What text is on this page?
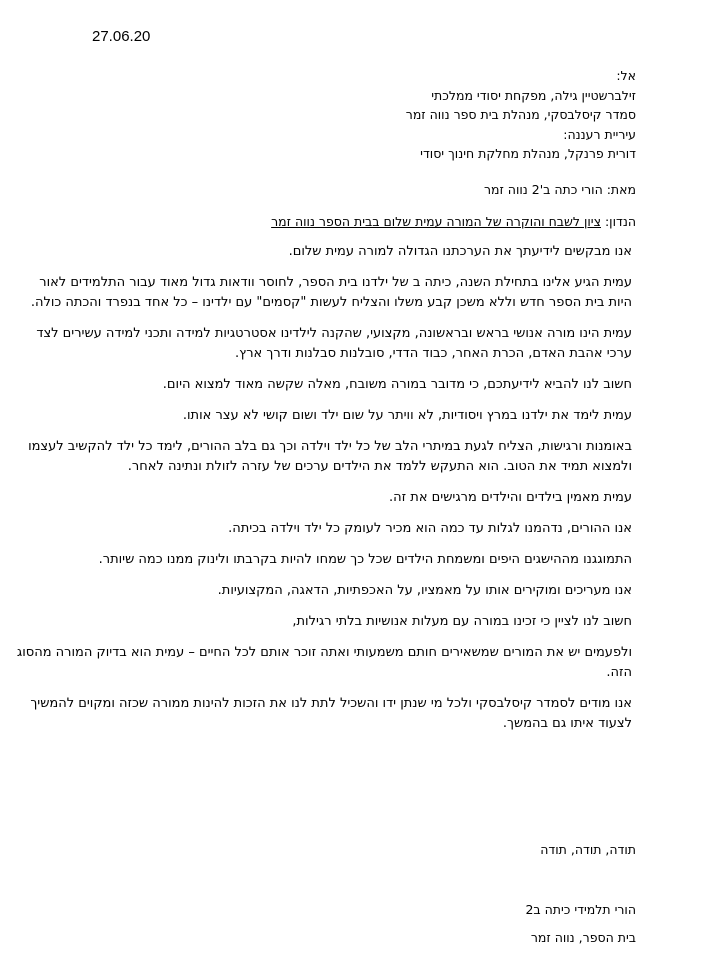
27.06.20
אל:
זילברשטיין גילה, מפקחת יסודי ממלכתי
סמדר קיסלבסקי, מנהלת בית ספר נווה זמר
עיריית רעננה:
דורית פרנקל, מנהלת מחלקת חינוך יסודי
מאת: הורי כתה ב'2 נווה זמר
הנדון: ציון לשבח והוקרה של המורה עמית שלום בבית הספר נווה זמר

אנו מבקשים לידיעתך את הערכתנו הגדולה למורה עמית שלום.

עמית הגיע אלינו בתחילת השנה, כיתה ב של ילדנו בית הספר, לחוסר וודאות גדול מאוד עבור התלמידים לאור היות בית הספר חדש וללא משכן קבע משלו והצליח לעשות "קסמים" עם ילדינו – כל אחד בנפרד והכתה כולה.

עמית הינו מורה אנושי בראש ובראשונה, מקצועי, שהקנה לילדינו אסטרטגיות למידה ותכני למידה עשירים לצד ערכי אהבת האדם, הכרת האחר, כבוד הדדי, סובלנות סבלנות ודרך ארץ.

חשוב לנו להביא לידיעתכם, כי מדובר במורה משובח, מאלה שקשה מאוד למצוא היום.

עמית לימד את ילדנו במרץ ויסודיות, לא וויתר על שום ילד ושום קושי לא עצר אותו.

באומנות ורגישות, הצליח לגעת במיתרי הלב של כל ילד וילדה וכך גם בלב ההורים, לימד כל ילד להקשיב לעצמו ולמצוא תמיד את הטוב. הוא התעקש ללמד את הילדים ערכים של עזרה לזולת ונתינה לאחר.

עמית מאמין בילדים והילדים מרגישים את זה.

אנו ההורים, נדהמנו לגלות עד כמה הוא מכיר לעומק כל ילד וילדה בכיתה.

התמוגגנו מההישגים היפים ומשמחת הילדים שכל כך שמחו להיות בקרבתו ולינוק ממנו כמה שיותר.

אנו מעריכים ומוקירים אותו על מאמציו, על האכפתיות, הדאגה, המקצועיות.

חשוב לנו לציין כי זכינו במורה עם מעלות אנושיות בלתי רגילות,

ולפעמים יש את המורים שמשאירים חותם משמעותי ואתה זוכר אותם לכל החיים – עמית הוא בדיוק המורה מהסוג הזה.

אנו מודים לסמדר קיסלבסקי ולכל מי שנתן ידו והשכיל לתת לנו את הזכות להינות ממורה שכזה ומקוים להמשיך לצעוד איתו גם בהמשך.

תודה, תודה, תודה
הורי תלמידי כיתה ב2
בית הספר, נווה זמר
